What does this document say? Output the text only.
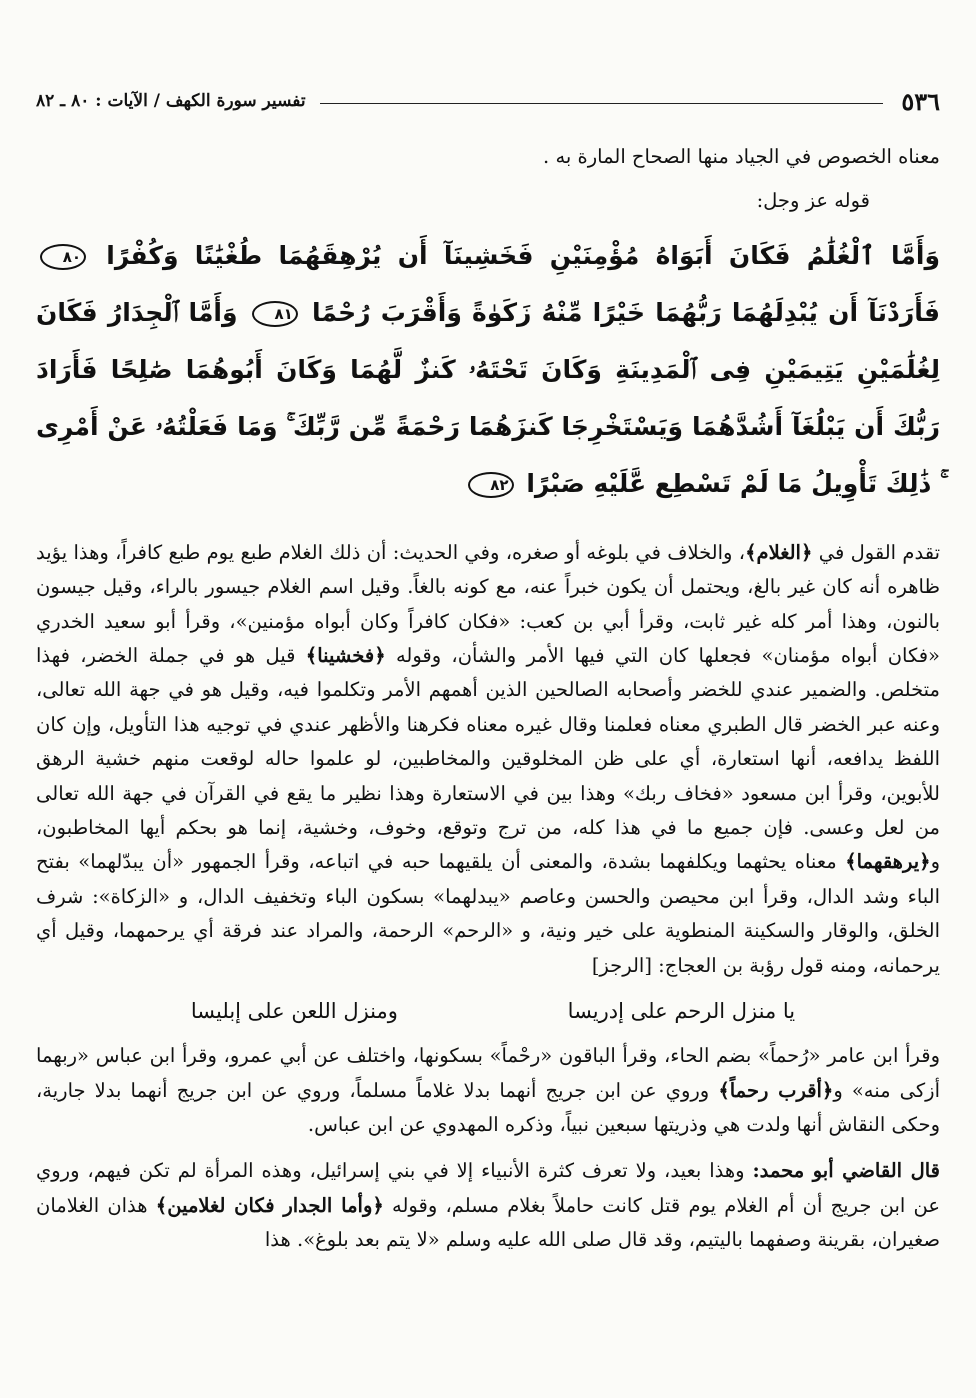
٥٣٦
تفسير سورة الكهف / الآيات : ٨٠ ـ ٨٢

معناه الخصوص في الجياد منها الصحاح المارة به .

قوله عز وجل:

وَأَمَّا ٱلْغُلَٰمُ فَكَانَ أَبَوَاهُ مُؤْمِنَيْنِ فَخَشِينَآ أَن يُرْهِقَهُمَا طُغْيَٰنًا وَكُفْرًا ٨٠ فَأَرَدْنَآ أَن يُبْدِلَهُمَا رَبُّهُمَا خَيْرًا مِّنْهُ زَكَوٰةً وَأَقْرَبَ رُحْمًا ٨١ وَأَمَّا ٱلْجِدَارُ فَكَانَ لِغُلَٰمَيْنِ يَتِيمَيْنِ فِى ٱلْمَدِينَةِ وَكَانَ تَحْتَهُۥ كَنزٌ لَّهُمَا وَكَانَ أَبُوهُمَا صَٰلِحًا فَأَرَادَ رَبُّكَ أَن يَبْلُغَآ أَشُدَّهُمَا وَيَسْتَخْرِجَا كَنزَهُمَا رَحْمَةً مِّن رَّبِّكَ ۚ وَمَا فَعَلْتُهُۥ عَنْ أَمْرِى ۚ ذَٰلِكَ تَأْوِيلُ مَا لَمْ تَسْطِع عَّلَيْهِ صَبْرًا ٨٢

تقدم القول في ﴿الغلام﴾، والخلاف في بلوغه أو صغره، وفي الحديث: أن ذلك الغلام طبع يوم طبع كافراً، وهذا يؤيد ظاهره أنه كان غير بالغ، ويحتمل أن يكون خبراً عنه، مع كونه بالغاً. وقيل اسم الغلام جيسور بالراء، وقيل جيسون بالنون، وهذا أمر كله غير ثابت، وقرأ أبي بن كعب: «فكان كافراً وكان أبواه مؤمنين»، وقرأ أبو سعيد الخدري «فكان أبواه مؤمنان» فجعلها كان التي فيها الأمر والشأن، وقوله ﴿فخشينا﴾ قيل هو في جملة الخضر، فهذا متخلص. والضمير عندي للخضر وأصحابه الصالحين الذين أهمهم الأمر وتكلموا فيه، وقيل هو في جهة الله تعالى، وعنه عبر الخضر قال الطبري معناه فعلمنا وقال غيره معناه فكرهنا والأظهر عندي في توجيه هذا التأويل، وإن كان اللفظ يدافعه، أنها استعارة، أي على ظن المخلوقين والمخاطبين، لو علموا حاله لوقعت منهم خشية الرهق للأبوين، وقرأ ابن مسعود «فخاف ربك» وهذا بين في الاستعارة وهذا نظير ما يقع في القرآن في جهة الله تعالى من لعل وعسى. فإن جميع ما في هذا كله، من ترج وتوقع، وخوف، وخشية، إنما هو بحكم أيها المخاطبون، و﴿يرهقهما﴾ معناه يحثهما ويكلفهما بشدة، والمعنى أن يلقيهما حبه في اتباعه، وقرأ الجمهور «أن يبدّلهما» بفتح الباء وشد الدال، وقرأ ابن محيصن والحسن وعاصم «يبدلهما» بسكون الباء وتخفيف الدال، و «الزكاة»: شرف الخلق، والوقار والسكينة المنطوية على خير ونية، و «الرحم» الرحمة، والمراد عند فرقة أي يرحمهما، وقيل أي يرحمانه، ومنه قول رؤبة بن العجاج: [الرجز]

يا منزل الرحم على إدريسا
ومنزل اللعن على إبليسا

وقرأ ابن عامر «رُحماً» بضم الحاء، وقرأ الباقون «رحْماً» بسكونها، واختلف عن أبي عمرو، وقرأ ابن عباس «ربهما أزكى منه» و﴿أقرب رحماً﴾ وروي عن ابن جريج أنهما بدلا غلاماً مسلماً، وروي عن ابن جريج أنهما بدلا جارية، وحكى النقاش أنها ولدت هي وذريتها سبعين نبياً، وذكره المهدوي عن ابن عباس.

قال القاضي أبو محمد: وهذا بعيد، ولا تعرف كثرة الأنبياء إلا في بني إسرائيل، وهذه المرأة لم تكن فيهم، وروي عن ابن جريج أن أم الغلام يوم قتل كانت حاملاً بغلام مسلم، وقوله ﴿وأما الجدار فكان لغلامين﴾ هذان الغلامان صغيران، بقرينة وصفهما باليتيم، وقد قال صلى الله عليه وسلم «لا يتم بعد بلوغ». هذا
